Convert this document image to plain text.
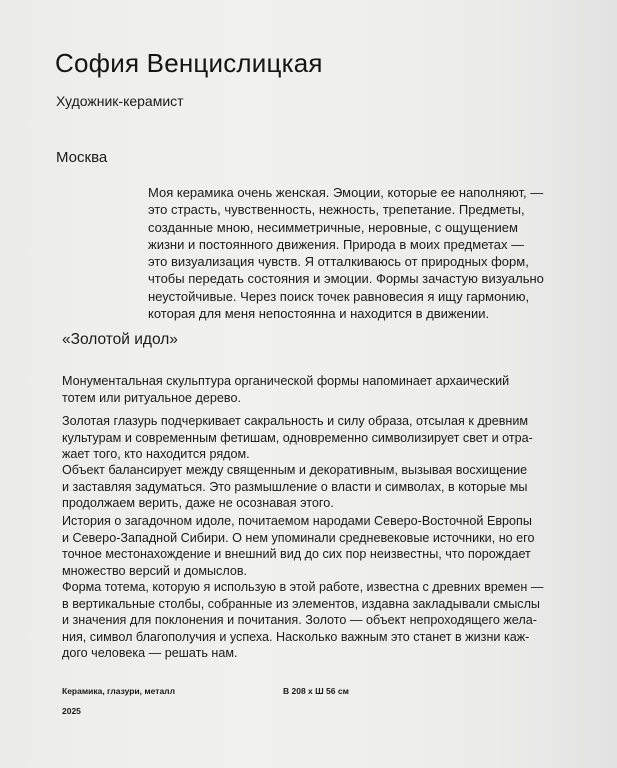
София Венцислицкая
Художник-керамист
Москва
Моя керамика очень женская. Эмоции, которые ее наполняют, —
это страсть, чувственность, нежность, трепетание. Предметы,
созданные мною, несимметричные, неровные, с ощущением
жизни и постоянного движения. Природа в моих предметах —
это визуализация чувств. Я отталкиваюсь от природных форм,
чтобы передать состояния и эмоции. Формы зачастую визуально
неустойчивые. Через поиск точек равновесия я ищу гармонию,
которая для меня непостоянна и находится в движении.
«Золотой идол»
Монументальная скульптура органической формы напоминает архаический
тотем или ритуальное дерево.
Золотая глазурь подчеркивает сакральность и силу образа, отсылая к древним
культурам и современным фетишам, одновременно символизирует свет и отра-
жает того, кто находится рядом.
Объект балансирует между священным и декоративным, вызывая восхищение
и заставляя задуматься. Это размышление о власти и символах, в которые мы
продолжаем верить, даже не осознавая этого.
История о загадочном идоле, почитаемом народами Северо-Восточной Европы
и Северо-Западной Сибири. О нем упоминали средневековые источники, но его
точное местонахождение и внешний вид до сих пор неизвестны, что порождает
множество версий и домыслов.
Форма тотема, которую я использую в этой работе, известна с древних времен —
в вертикальные столбы, собранные из элементов, издавна закладывали смыслы
и значения для поклонения и почитания. Золото — объект непроходящего жела-
ния, символ благополучия и успеха. Насколько важным это станет в жизни каж-
дого человека — решать нам.
Керамика, глазури, металл	В 208 х Ш 56 см
2025
